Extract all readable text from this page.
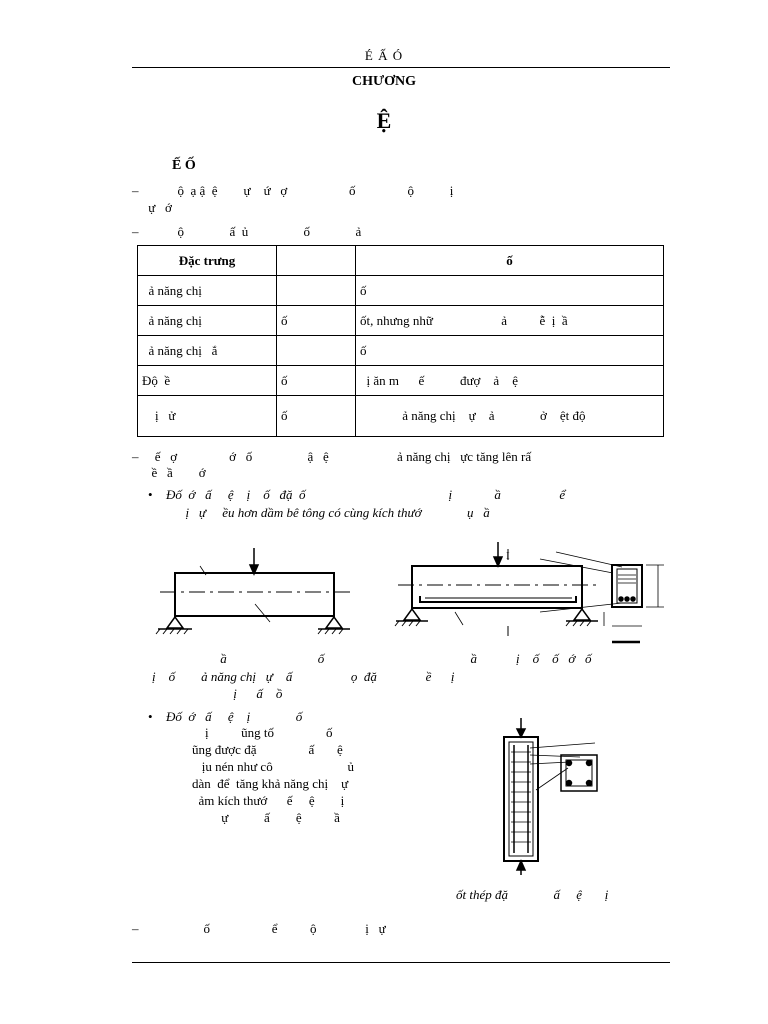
É Ấ Ó
CHƯƠNG
Ệ
Ế Ố
–            ộ  ạ ậ  ệ        ự    ứ   ợ                   ố                ộ           ị
ự   ớ
–            ộ              ấ  ủ                 ố              ả
Đặc trưng		ố
ả năng chị		ố
ả năng chị	ố	ốt, nhưng nhữ                     ả          ễ  ị  ầ
ả năng chị   ắ		ố
Độ  ề	ố	ị ăn m      ế           đượ    ả    ệ
ị   ử	ố	ả năng chị    ự    ả              ở    ệt độ
–     ế   ợ                ớ   ố                 ậ   ệ                     ả năng chị   ực tăng lên rấ
ề   ầ        ớ
• Đố  ớ   ấ     ệ    ị    ố   đặ  ố                                            ị             ầ                  ể
ị   ự     ều hơn dầm bê tông có cùng kích thướ              ụ   ầ
I
ầ                            ố                                             ầ            ị    ố    ố   ớ   ố
ị    ố        ả năng chị   ự    ấ                  ọ  đặ               ề      ị
ị      ấ    ồ
• Đố  ớ   ấ     ệ    ị              ố
ị          ũng tố                ố
ũng được đặ                ấ       ệ
ịu nén như cô                       ủ
dàn  để  tăng khả năng chị    ự
ảm kích thướ      ế     ệ        ị
ự           ấ        ệ          ầ
ốt thép đặ              ấ     ệ       ị
–                    ố                   ể          ộ               ị   ự
